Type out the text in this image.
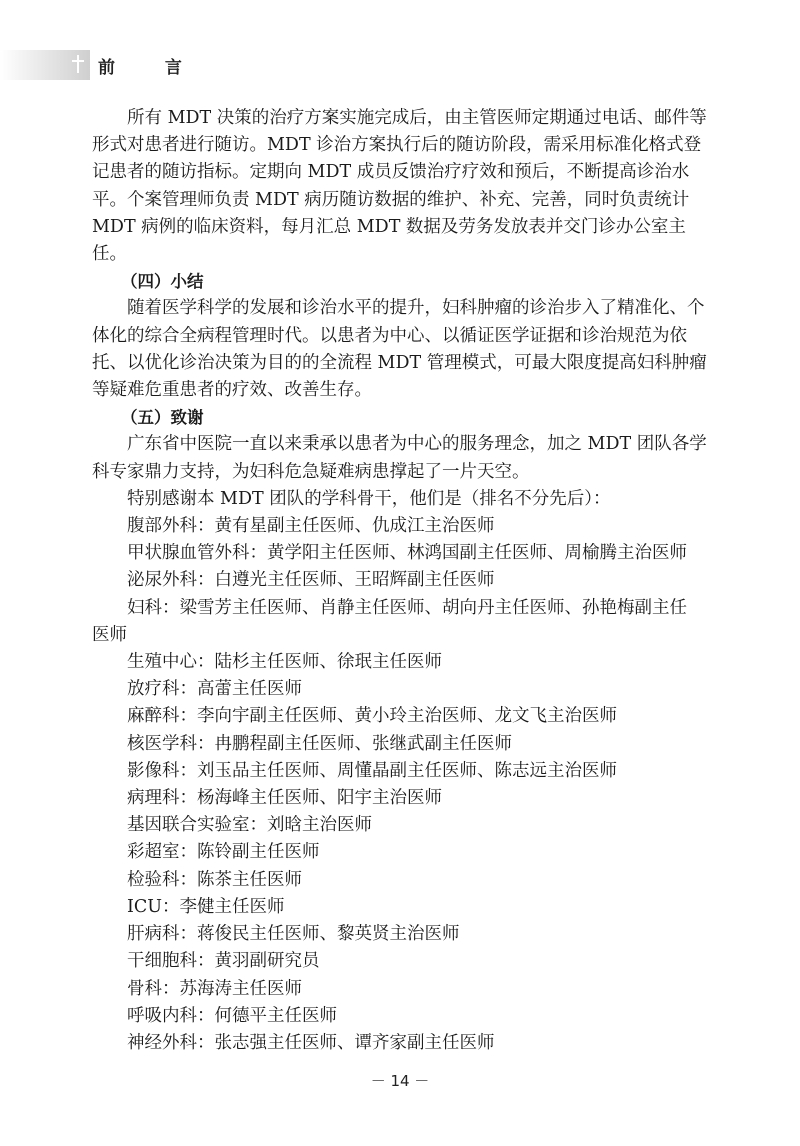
前 言

所有 MDT 决策的治疗方案实施完成后，由主管医师定期通过电话、邮件等形式对患者进行随访。MDT 诊治方案执行后的随访阶段，需采用标准化格式登记患者的随访指标。定期向 MDT 成员反馈治疗疗效和预后，不断提高诊治水平。个案管理师负责 MDT 病历随访数据的维护、补充、完善，同时负责统计 MDT 病例的临床资料，每月汇总 MDT 数据及劳务发放表并交门诊办公室主任。

（四）小结

随着医学科学的发展和诊治水平的提升，妇科肿瘤的诊治步入了精准化、个体化的综合全病程管理时代。以患者为中心、以循证医学证据和诊治规范为依托、以优化诊治决策为目的的全流程 MDT 管理模式，可最大限度提高妇科肿瘤等疑难危重患者的疗效、改善生存。

（五）致谢

广东省中医院一直以来秉承以患者为中心的服务理念，加之 MDT 团队各学科专家鼎力支持，为妇科危急疑难病患撑起了一片天空。

特别感谢本 MDT 团队的学科骨干，他们是（排名不分先后）：

腹部外科：黄有星副主任医师、仇成江主治医师

甲状腺血管外科：黄学阳主任医师、林鸿国副主任医师、周榆腾主治医师

泌尿外科：白遵光主任医师、王昭辉副主任医师

妇科：梁雪芳主任医师、肖静主任医师、胡向丹主任医师、孙艳梅副主任
医师

生殖中心：陆杉主任医师、徐珉主任医师

放疗科：高蕾主任医师

麻醉科：李向宇副主任医师、黄小玲主治医师、龙文飞主治医师

核医学科：冉鹏程副主任医师、张继武副主任医师

影像科：刘玉品主任医师、周懂晶副主任医师、陈志远主治医师

病理科：杨海峰主任医师、阳宇主治医师

基因联合实验室：刘晗主治医师

彩超室：陈铃副主任医师

检验科：陈茶主任医师

ICU：李健主任医师

肝病科：蒋俊民主任医师、黎英贤主治医师

干细胞科：黄羽副研究员

骨科：苏海涛主任医师

呼吸内科：何德平主任医师

神经外科：张志强主任医师、谭齐家副主任医师

－ 14 －
